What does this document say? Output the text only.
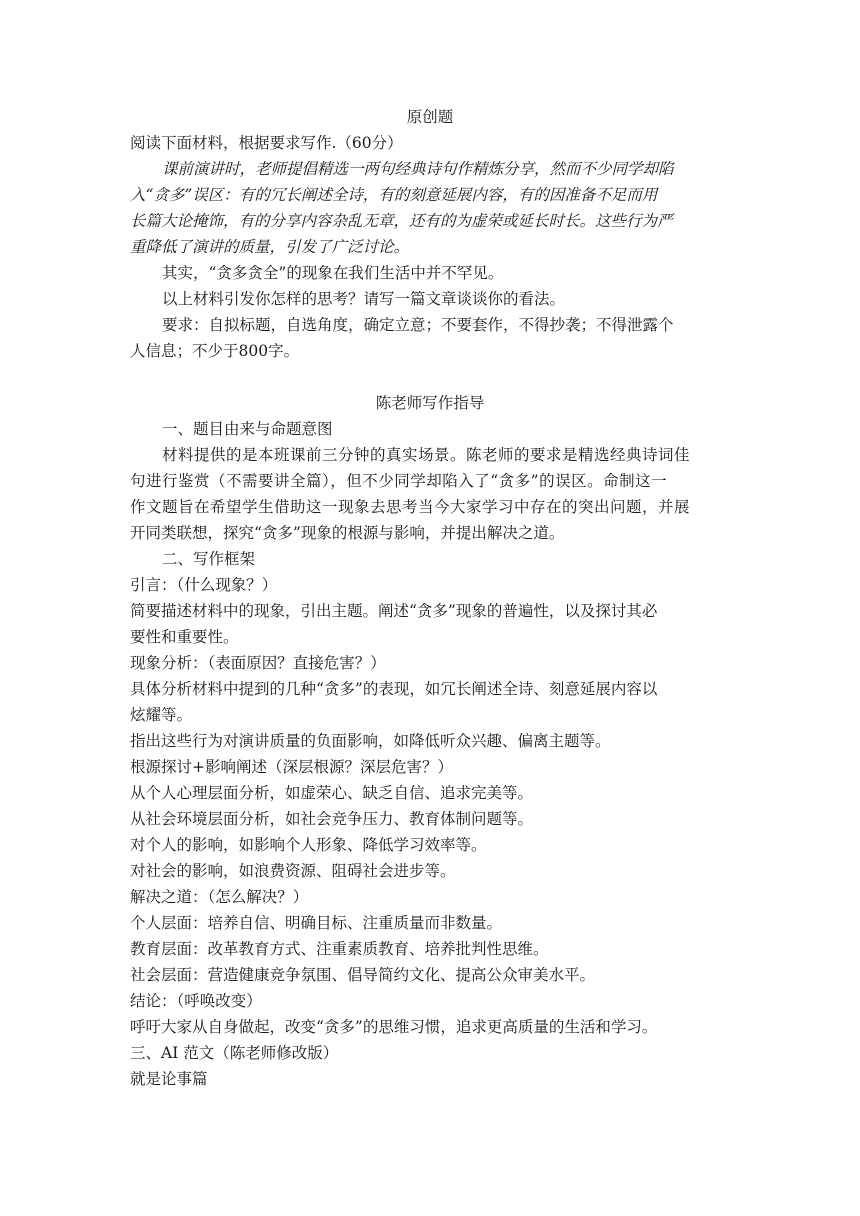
原创题
阅读下面材料，根据要求写作.（60分）
课前演讲时，老师提倡精选一两句经典诗句作精炼分享，然而不少同学却陷
入“贪多”误区：有的冗长阐述全诗，有的刻意延展内容，有的因准备不足而用
长篇大论掩饰，有的分享内容杂乱无章，还有的为虚荣或延长时长。这些行为严
重降低了演讲的质量，引发了广泛讨论。
其实，“贪多贪全”的现象在我们生活中并不罕见。
以上材料引发你怎样的思考？请写一篇文章谈谈你的看法。
要求：自拟标题，自选角度，确定立意；不要套作，不得抄袭；不得泄露个
人信息；不少于800字。
陈老师写作指导
一、题目由来与命题意图
材料提供的是本班课前三分钟的真实场景。陈老师的要求是精选经典诗词佳
句进行鉴赏（不需要讲全篇），但不少同学却陷入了“贪多”的误区。命制这一
作文题旨在希望学生借助这一现象去思考当今大家学习中存在的突出问题，并展
开同类联想，探究“贪多”现象的根源与影响，并提出解决之道。
二、写作框架
引言：（什么现象？）
简要描述材料中的现象，引出主题。阐述“贪多”现象的普遍性，以及探讨其必
要性和重要性。
现象分析：（表面原因？直接危害？）
具体分析材料中提到的几种“贪多”的表现，如冗长阐述全诗、刻意延展内容以
炫耀等。
指出这些行为对演讲质量的负面影响，如降低听众兴趣、偏离主题等。
根源探讨+影响阐述（深层根源？深层危害？）
从个人心理层面分析，如虚荣心、缺乏自信、追求完美等。
从社会环境层面分析，如社会竞争压力、教育体制问题等。
对个人的影响，如影响个人形象、降低学习效率等。
对社会的影响，如浪费资源、阻碍社会进步等。
解决之道：（怎么解决？）
个人层面：培养自信、明确目标、注重质量而非数量。
教育层面：改革教育方式、注重素质教育、培养批判性思维。
社会层面：营造健康竞争氛围、倡导简约文化、提高公众审美水平。
结论：（呼唤改变）
呼吁大家从自身做起，改变“贪多”的思维习惯，追求更高质量的生活和学习。
三、AI 范文（陈老师修改版）
就是论事篇
